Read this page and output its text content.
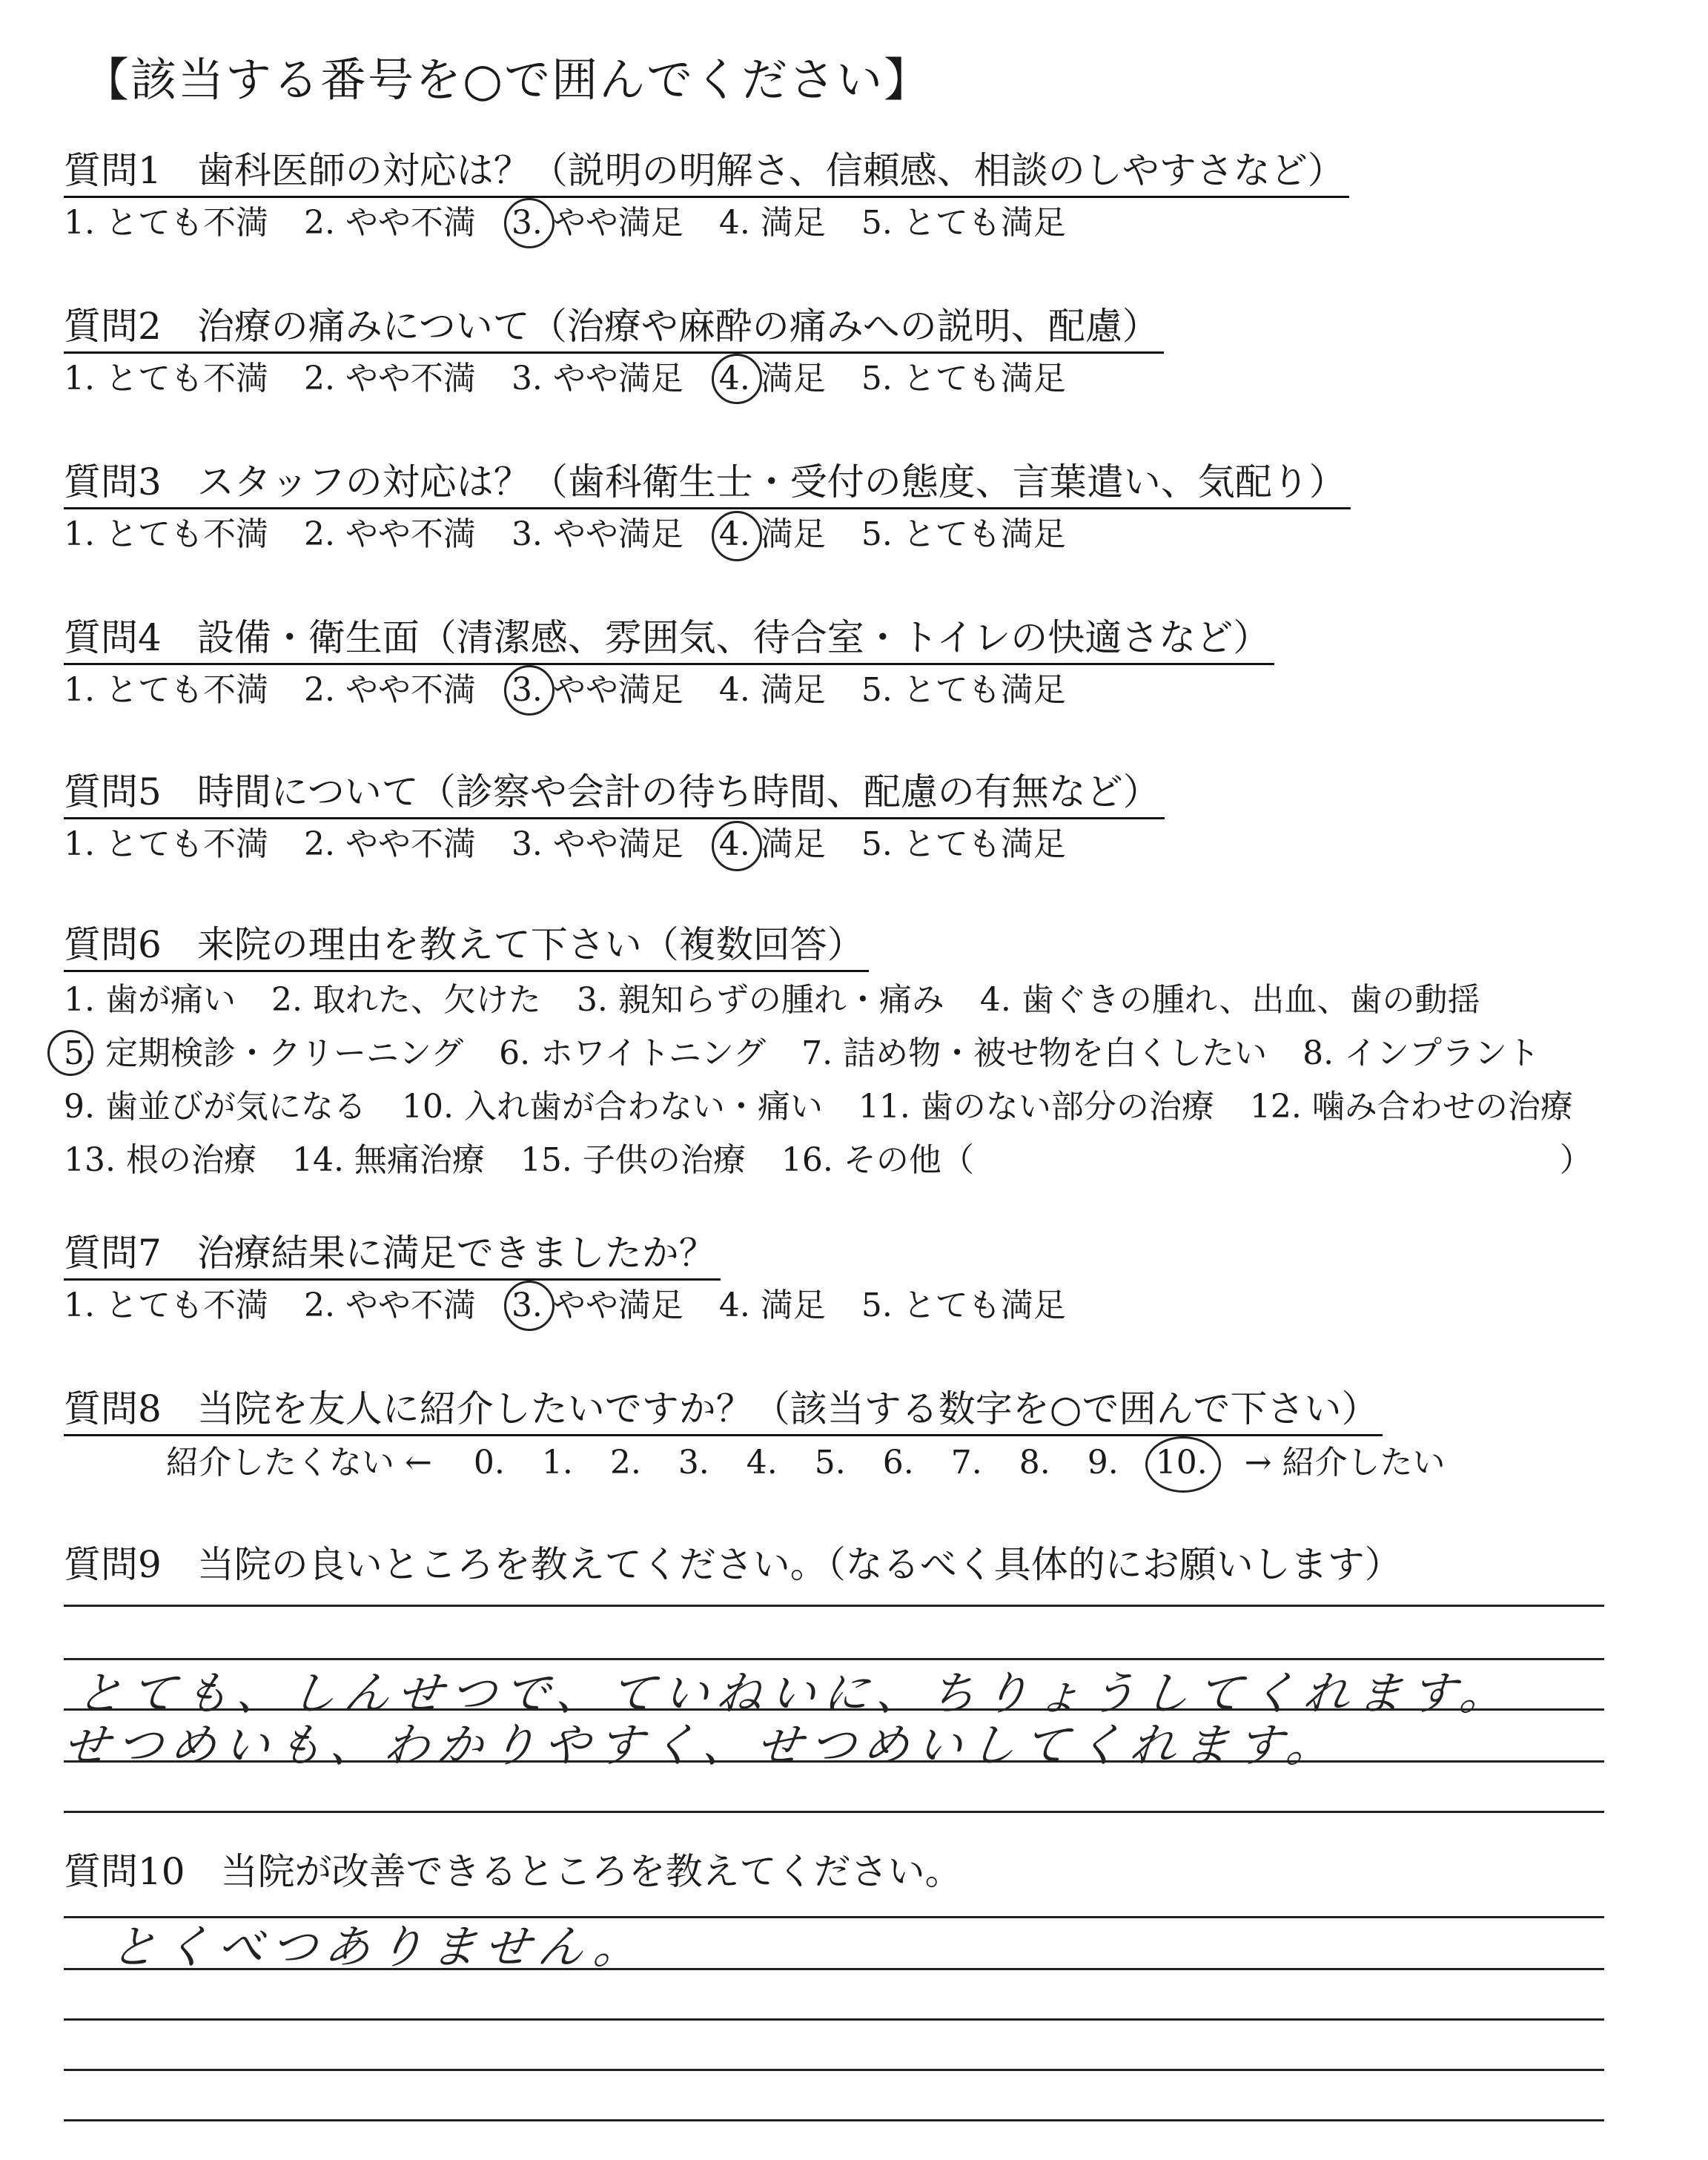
【該当する番号を○で囲んでください】
質問1 歯科医師の対応は？（説明の明解さ、信頼感、相談のしやすさなど）
1. とても不満 2. やや不満 3. やや満足 4. 満足 5. とても満足
質問2 治療の痛みについて（治療や麻酔の痛みへの説明、配慮）
1. とても不満 2. やや不満 3. やや満足 4. 満足 5. とても満足
質問3 スタッフの対応は？（歯科衛生士・受付の態度、言葉遣い、気配り）
1. とても不満 2. やや不満 3. やや満足 4. 満足 5. とても満足
質問4 設備・衛生面（清潔感、雰囲気、待合室・トイレの快適さなど）
1. とても不満 2. やや不満 3. やや満足 4. 満足 5. とても満足
質問5 時間について（診察や会計の待ち時間、配慮の有無など）
1. とても不満 2. やや不満 3. やや満足 4. 満足 5. とても満足
質問6 来院の理由を教えて下さい（複数回答）
1. 歯が痛い 2. 取れた、欠けた 3. 親知らずの腫れ・痛み 4. 歯ぐきの腫れ、出血、歯の動揺
5. 定期検診・クリーニング 6. ホワイトニング 7. 詰め物・被せ物を白くしたい 8. インプラント
9. 歯並びが気になる 10. 入れ歯が合わない・痛い 11. 歯のない部分の治療 12. 噛み合わせの治療
13. 根の治療 14. 無痛治療 15. 子供の治療 16. その他（	）
質問7 治療結果に満足できましたか？
1. とても不満 2. やや不満 3. やや満足 4. 満足 5. とても満足
質問8 当院を友人に紹介したいですか？（該当する数字を○で囲んで下さい）
紹介したくない ← 0. 1. 2. 3. 4. 5. 6. 7. 8. 9. 10. → 紹介したい
質問9 当院の良いところを教えてください。（なるべく具体的にお願いします）
とても、しんせつで、ていねいに、ちりょうしてくれます。
せつめいも、わかりやすく、せつめいしてくれます。
質問10 当院が改善できるところを教えてください。
とくべつありません。
